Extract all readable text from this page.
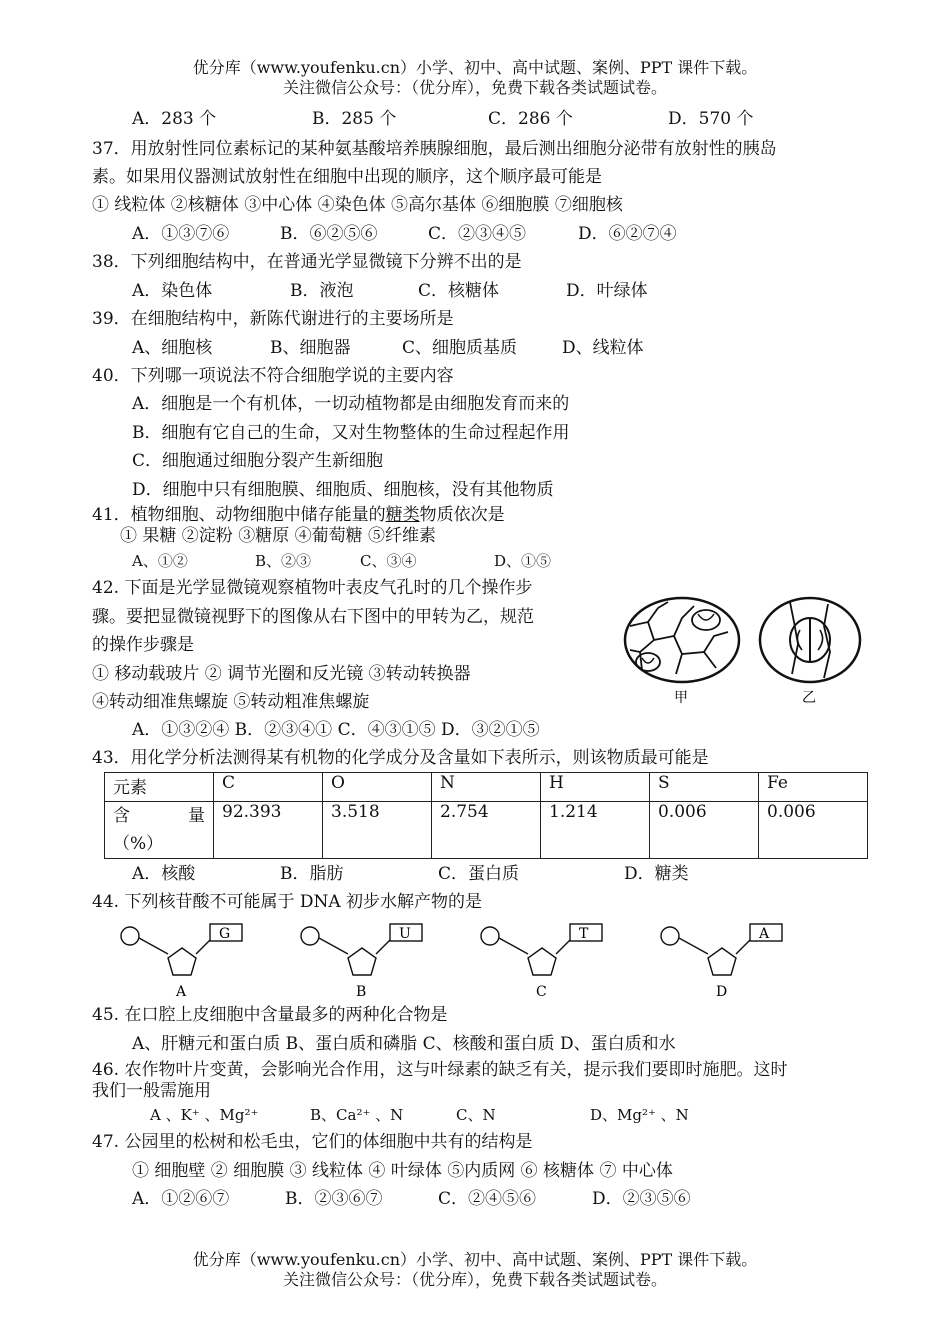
优分库（www.youfenku.cn）小学、初中、高中试题、案例、PPT 课件下载。
关注微信公众号：（优分库），免费下载各类试题试卷。
A．283 个	B．285 个	C．286 个	D．570 个
37．用放射性同位素标记的某种氨基酸培养胰腺细胞，最后测出细胞分泌带有放射性的胰岛
素。如果用仪器测试放射性在细胞中出现的顺序，这个顺序最可能是
① 线粒体 ②核糖体 ③中心体 ④染色体 ⑤高尔基体 ⑥细胞膜 ⑦细胞核
A．①③⑦⑥	B．⑥②⑤⑥	C．②③④⑤	D．⑥②⑦④
38．下列细胞结构中，在普通光学显微镜下分辨不出的是
A．染色体	B．液泡	C．核糖体	D．叶绿体
39．在细胞结构中，新陈代谢进行的主要场所是
A、细胞核	B、细胞器	C、细胞质基质	D、线粒体
40．下列哪一项说法不符合细胞学说的主要内容
A．细胞是一个有机体，一切动植物都是由细胞发育而来的
B．细胞有它自己的生命，又对生物整体的生命过程起作用
C．细胞通过细胞分裂产生新细胞
D．细胞中只有细胞膜、细胞质、细胞核，没有其他物质
41．植物细胞、动物细胞中储存能量的糖类物质依次是
① 果糖 ②淀粉 ③糖原 ④葡萄糖 ⑤纤维素
A、①②	B、②③	C、③④	D、①⑤
42. 下面是光学显微镜观察植物叶表皮气孔时的几个操作步
骤。要把显微镜视野下的图像从右下图中的甲转为乙，规范
的操作步骤是
① 移动载玻片 ② 调节光圈和反光镜 ③转动转换器
④转动细准焦螺旋 ⑤转动粗准焦螺旋
A．①③②④ B．②③④① C．④③①⑤ D．③②①⑤
甲	乙
43．用化学分析法测得某有机物的化学成分及含量如下表所示，则该物质最可能是
元素	C	O	N	H	S	Fe

含 量
（%）	92.393	3.518	2.754	1.214	0.006	0.006
A．核酸	B．脂肪	C．蛋白质	D．糖类
44. 下列核苷酸不可能属于 DNA 初步水解产物的是
G
A
U
B
T
C
A
D
45. 在口腔上皮细胞中含量最多的两种化合物是
A、肝糖元和蛋白质 B、蛋白质和磷脂 C、核酸和蛋白质 D、蛋白质和水
46. 农作物叶片变黄，会影响光合作用，这与叶绿素的缺乏有关，提示我们要即时施肥。这时
我们一般需施用
A 、K⁺ 、Mg²⁺	B、Ca²⁺ 、N	C、N	D、Mg²⁺ 、N
47. 公园里的松树和松毛虫，它们的体细胞中共有的结构是
① 细胞壁 ② 细胞膜 ③ 线粒体 ④ 叶绿体 ⑤内质网 ⑥ 核糖体 ⑦ 中心体
A．①②⑥⑦	B．②③⑥⑦	C．②④⑤⑥	D．②③⑤⑥
优分库（www.youfenku.cn）小学、初中、高中试题、案例、PPT 课件下载。
关注微信公众号：（优分库），免费下载各类试题试卷。
